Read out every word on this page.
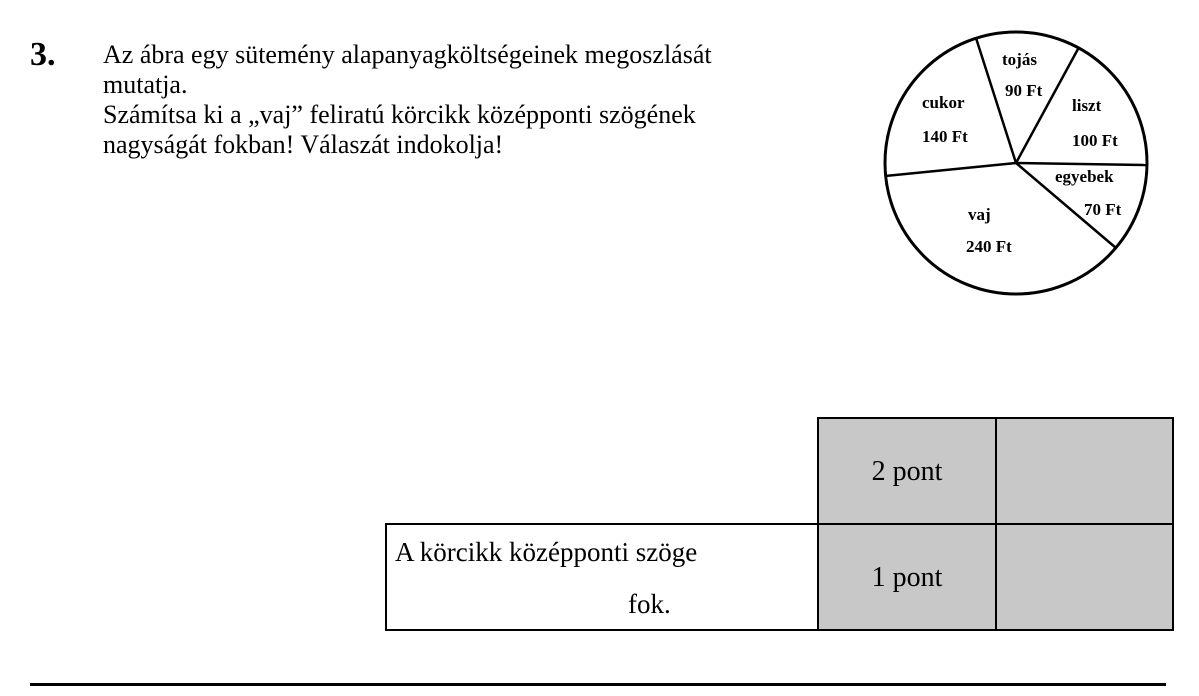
3. Az ábra egy sütemény alapanyagköltségeinek megoszlását
mutatja.
Számítsa ki a „vaj” feliratú körcikk középponti szögének
nagyságát fokban! Válaszát indokolja!
tojás
90 Ft
liszt
100 Ft
egyebek
70 Ft
vaj
240 Ft
cukor
140 Ft
2 pont
1 pont
A körcikk középponti szöge
fok.
